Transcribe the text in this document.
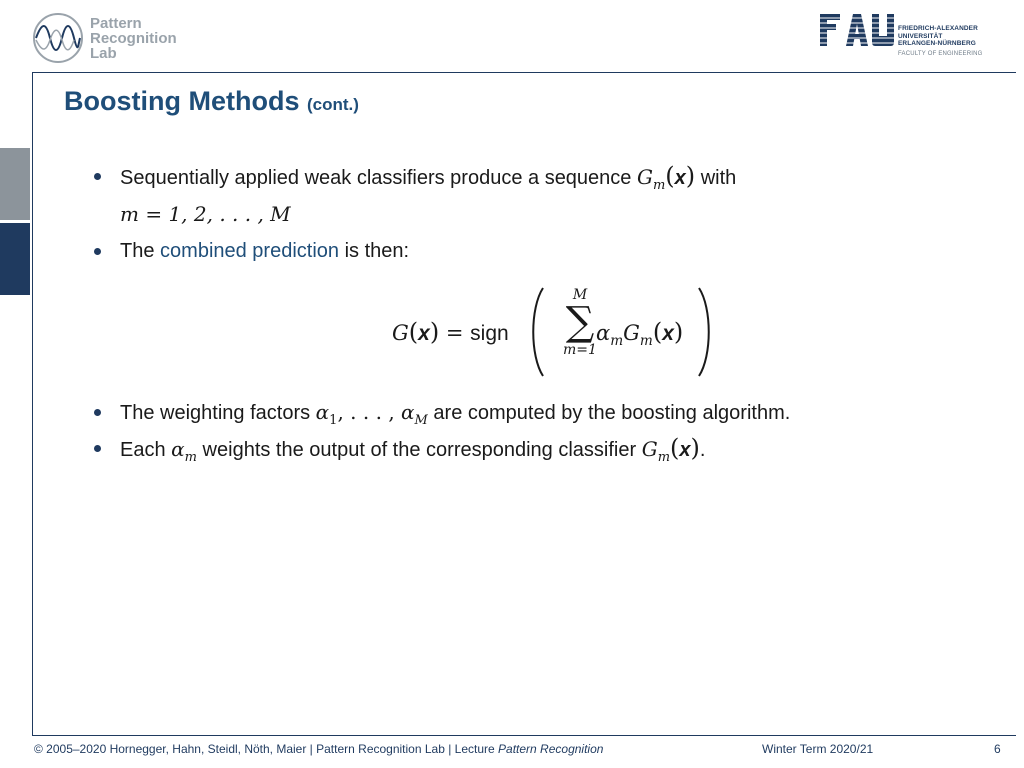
Pattern
Recognition
Lab
FRIEDRICH-ALEXANDER
UNIVERSITÄT
ERLANGEN-NÜRNBERG
FACULTY OF ENGINEERING
Boosting Methods (cont.)
Sequentially applied weak classifiers produce a sequence $G_m(x)$ with
m = 1, 2, . . . , M
The combined prediction is then:
The weighting factors $\alpha_1$, . . . , $\alpha_M$ are computed by the boosting algorithm.
Each $\alpha_m$ weights the output of the corresponding classifier $G_m(x)$.
G(x) = sign
M
∑
m=1
$\alpha_mG_m(x)$
© 2005–2020 Hornegger, Hahn, Steidl, Nöth, Maier | Pattern Recognition Lab | Lecture Pattern Recognition	Winter Term 2020/21	6
